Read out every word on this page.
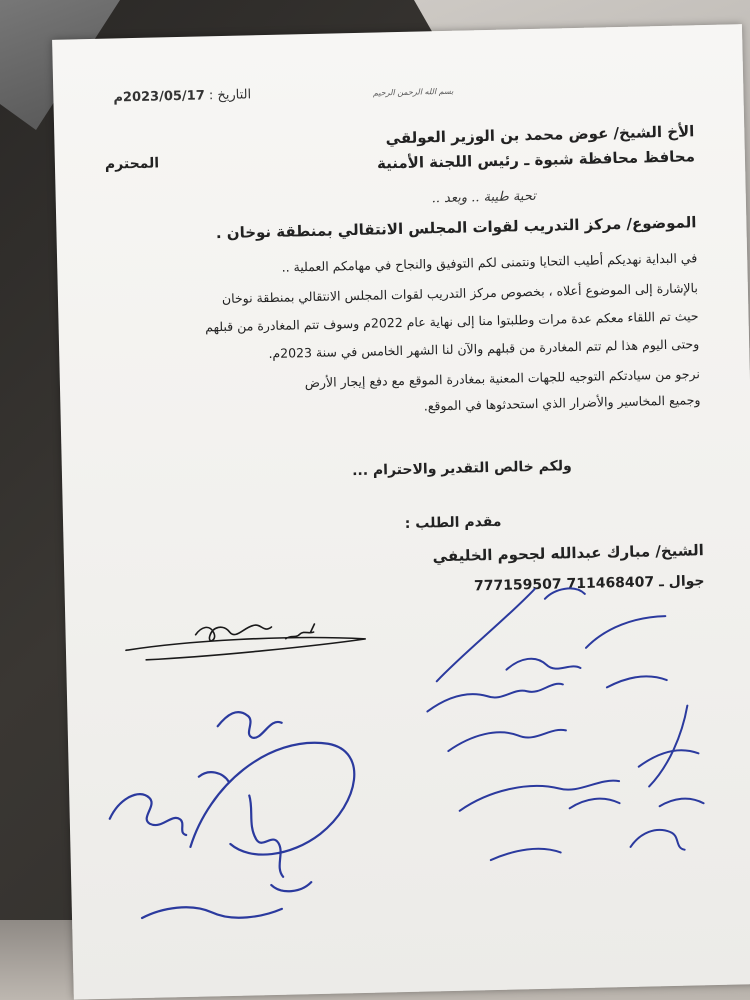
بسم الله الرحمن الرحيم
التاريخ : 2023/05/17م
الأخ الشيخ/ عوض محمد بن الوزير العولقي
محافظ محافظة شبوة ـ رئيس اللجنة الأمنية
المحترم
تحية طيبة .. وبعد ..
الموضوع/ مركز التدريب لقوات المجلس الانتقالي بمنطقة نوخان .
في البداية نهديكم أطيب التحايا ونتمنى لكم التوفيق والنجاح في مهامكم العملية ..
بالإشارة إلى الموضوع أعلاه ، بخصوص مركز التدريب لقوات المجلس الانتقالي بمنطقة نوخان
حيث تم اللقاء معكم عدة مرات وطلبتوا منا إلى نهاية عام 2022م وسوف تتم المغادرة من قبلهم
وحتى اليوم هذا لم تتم المغادرة من قبلهم والآن لنا الشهر الخامس في سنة 2023م.
نرجو من سيادتكم التوجيه للجهات المعنية بمغادرة الموقع مع دفع إيجار الأرض
وجميع المخاسير والأضرار الذي استحدثوها في الموقع.
ولكم خالص التقدير والاحترام ...
مقدم الطلب :
الشيخ/ مبارك عبدالله لجحوم الخليفي
جوال 777159507 ـ 711468407
